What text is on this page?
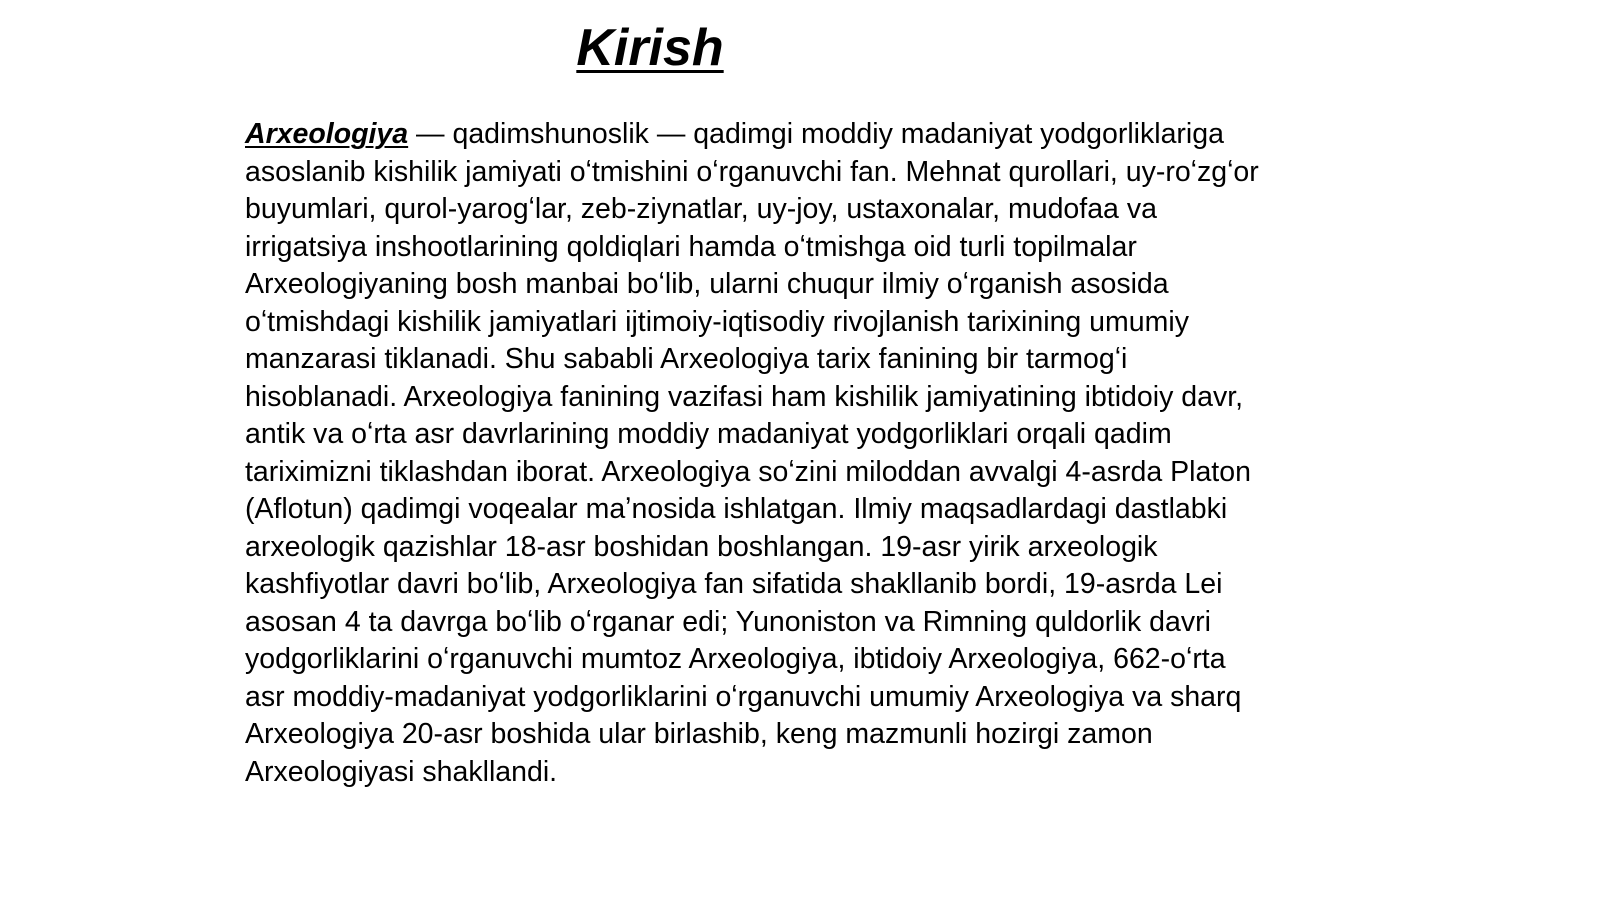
Kirish

Arxeologiya — qadimshunoslik — qadimgi moddiy madaniyat yodgorliklariga
asoslanib kishilik jamiyati oʻtmishini oʻrganuvchi fan. Mehnat qurollari, uy-roʻzgʻor
buyumlari, qurol-yarogʻlar, zeb-ziynatlar, uy-joy, ustaxonalar, mudofaa va
irrigatsiya inshootlarining qoldiqlari hamda oʻtmishga oid turli topilmalar
Arxeologiyaning bosh manbai boʻlib, ularni chuqur ilmiy oʻrganish asosida
oʻtmishdagi kishilik jamiyatlari ijtimoiy-iqtisodiy rivojlanish tarixining umumiy
manzarasi tiklanadi. Shu sababli Arxeologiya tarix fanining bir tarmogʻi
hisoblanadi. Arxeologiya fanining vazifasi ham kishilik jamiyatining ibtidoiy davr,
antik va oʻrta asr davrlarining moddiy madaniyat yodgorliklari orqali qadim
tariximizni tiklashdan iborat. Arxeologiya soʻzini miloddan avvalgi 4-asrda Platon
(Aflotun) qadimgi voqealar maʼnosida ishlatgan. Ilmiy maqsadlardagi dastlabki
arxeologik qazishlar 18-asr boshidan boshlangan. 19-asr yirik arxeologik
kashfiyotlar davri boʻlib, Arxeologiya fan sifatida shakllanib bordi, 19-asrda Lei
asosan 4 ta davrga boʻlib oʻrganar edi; Yunoniston va Rimning quldorlik davri
yodgorliklarini oʻrganuvchi mumtoz Arxeologiya, ibtidoiy Arxeologiya, 662-oʻrta
asr moddiy-madaniyat yodgorliklarini oʻrganuvchi umumiy Arxeologiya va sharq
Arxeologiya 20-asr boshida ular birlashib, keng mazmunli hozirgi zamon
Arxeologiyasi shakllandi.
